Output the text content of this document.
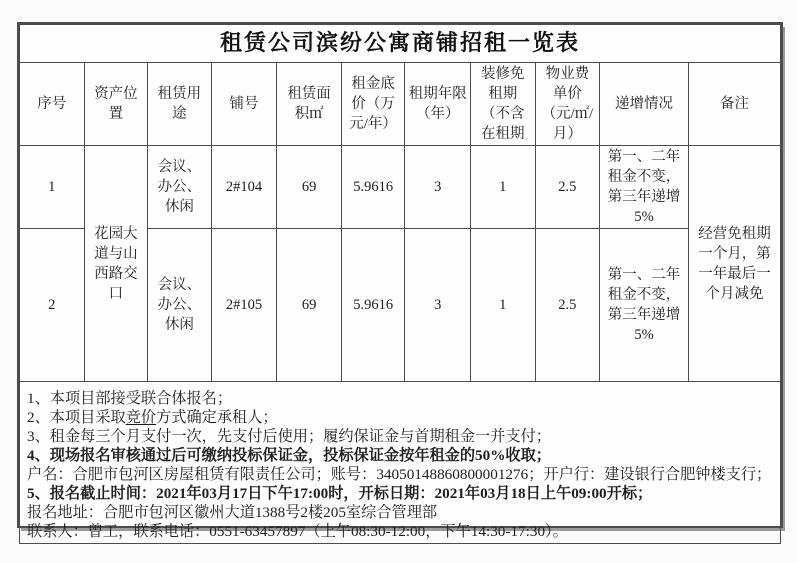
租赁公司滨纷公寓商铺招租一览表										
序号	资产位置	租赁用途	铺号	租赁面积㎡	租金底价（万元/年）	租期年限（年）	装修免租期（不含在租期	物业费单价（元/㎡/月）	递增情况	备注
1	花园大道与山西路交口	会议、办公、休闲	2#104	69	5.9616	3	1	2.5	第一、二年租金不变，第三年递增5%	经营免租期一个月，第一年最后一个月减免
2		会议、办公、休闲	2#105	69	5.9616	3	1	2.5	第一、二年租金不变，第三年递增5%	

1、本项目部接受联合体报名；
2、本项目采取竞价方式确定承租人；
3、租金每三个月支付一次，先支付后使用；履约保证金与首期租金一并支付；
4、现场报名审核通过后可缴纳投标保证金，投标保证金按年租金的50%收取；
户名：合肥市包河区房屋租赁有限责任公司；账号：34050148860800001276；开户行：建设银行合肥钟楼支行；
5、报名截止时间：2021年03月17日下午17:00时，开标日期：2021年03月18日上午09:00开标；
报名地址：合肥市包河区徽州大道1388号2楼205室综合管理部
联系人：曾工，联系电话：0551-63457897（上午08:30-12:00，下午14:30-17:30）。
